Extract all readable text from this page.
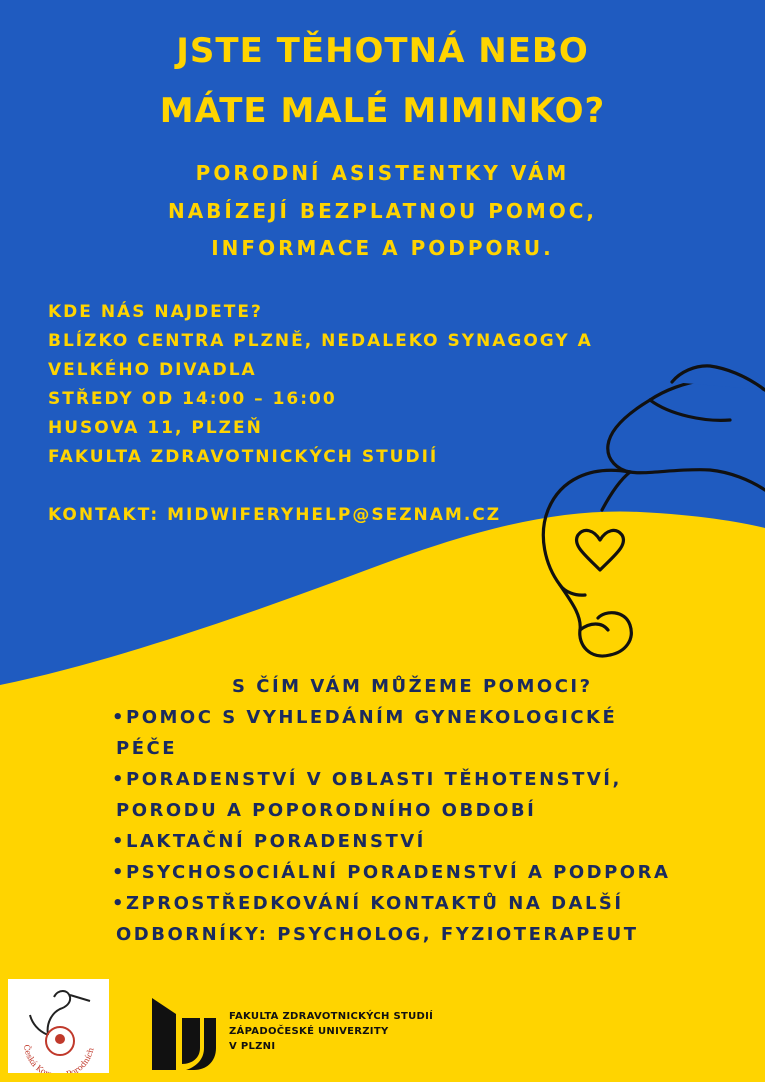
JSTE TĚHOTNÁ NEBO
MÁTE MALÉ MIMINKO?
PORODNÍ ASISTENTKY VÁM
NABÍZEJÍ BEZPLATNOU POMOC,
INFORMACE A PODPORU.
KDE NÁS NAJDETE?
BLÍZKO CENTRA PLZNĚ, NEDALEKO SYNAGOGY A
VELKÉHO DIVADLA
STŘEDY OD 14:00 – 16:00
HUSOVA 11, PLZEŇ
FAKULTA ZDRAVOTNICKÝCH STUDIÍ
KONTAKT: MIDWIFERYHELP@SEZNAM.CZ
S ČÍM VÁM MŮŽEME POMOCI?
•POMOC S VYHLEDÁNÍM GYNEKOLOGICKÉ
PÉČE
•PORADENSTVÍ V OBLASTI TĚHOTENSTVÍ,
PORODU A POPORODNÍHO OBDOBÍ
•LAKTAČNÍ PORADENSTVÍ
•PSYCHOSOCIÁLNÍ PORADENSTVÍ A PODPORA
•ZPROSTŘEDKOVÁNÍ KONTAKTŮ NA DALŠÍ
ODBORNÍKY: PSYCHOLOG, FYZIOTERAPEUT
Česká Ko orodních
FAKULTA ZDRAVOTNICKÝCH STUDIÍ
ZÁPADOČESKÉ UNIVERZITY
V PLZNI
